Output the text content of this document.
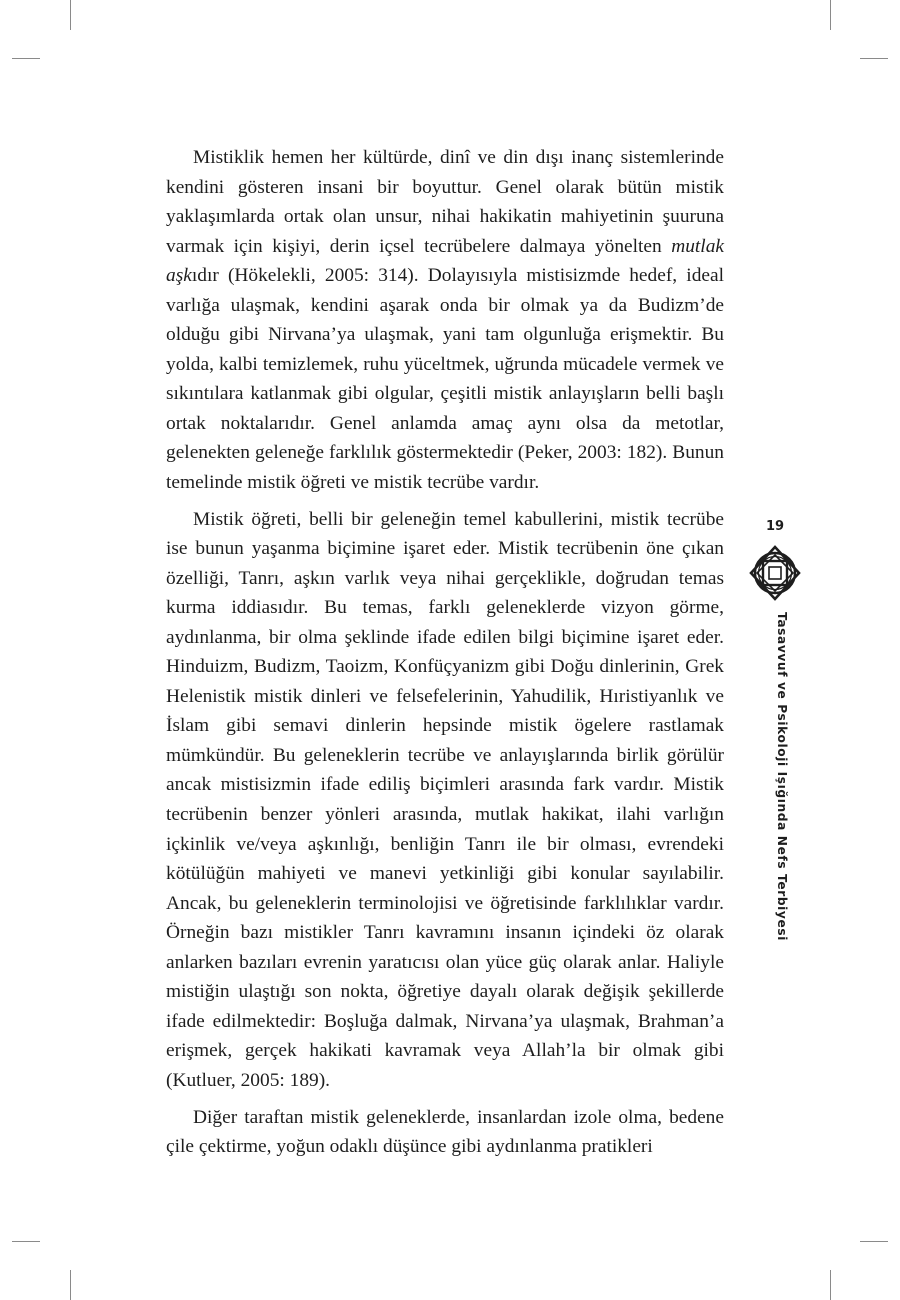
Mistiklik hemen her kültürde, dinî ve din dışı inanç sistemlerinde kendini gösteren insani bir boyuttur. Genel olarak bütün mistik yaklaşımlarda ortak olan unsur, nihai hakikatin mahiyetinin şuuruna varmak için kişiyi, derin içsel tecrübelere dalmaya yönelten mutlak aşkıdır (Hökelekli, 2005: 314). Dolayısıyla mistisizmde hedef, ideal varlığa ulaşmak, kendini aşarak onda bir olmak ya da Budizm’de olduğu gibi Nirvana’ya ulaşmak, yani tam olgunluğa erişmektir. Bu yolda, kalbi temizlemek, ruhu yüceltmek, uğrunda mücadele vermek ve sıkıntılara katlanmak gibi olgular, çeşitli mistik anlayışların belli başlı ortak noktalarıdır. Genel anlamda amaç aynı olsa da metotlar, gelenekten geleneğe farklılık göstermektedir (Peker, 2003: 182). Bunun temelinde mistik öğreti ve mistik tecrübe vardır.

Mistik öğreti, belli bir geleneğin temel kabullerini, mistik tecrübe ise bunun yaşanma biçimine işaret eder. Mistik tecrübenin öne çıkan özelliği, Tanrı, aşkın varlık veya nihai gerçeklikle, doğrudan temas kurma iddiasıdır. Bu temas, farklı geleneklerde vizyon görme, aydınlanma, bir olma şeklinde ifade edilen bilgi biçimine işaret eder. Hinduizm, Budizm, Taoizm, Konfüçyanizm gibi Doğu dinlerinin, Grek Helenistik mistik dinleri ve felsefelerinin, Yahudilik, Hıristiyanlık ve İslam gibi semavi dinlerin hepsinde mistik ögelere rastlamak mümkündür. Bu geleneklerin tecrübe ve anlayışlarında birlik görülür ancak mistisizmin ifade ediliş biçimleri arasında fark vardır. Mistik tecrübenin benzer yönleri arasında, mutlak hakikat, ilahi varlığın içkinlik ve/veya aşkınlığı, benliğin Tanrı ile bir olması, evrendeki kötülüğün mahiyeti ve manevi yetkinliği gibi konular sayılabilir. Ancak, bu geleneklerin terminolojisi ve öğretisinde farklılıklar vardır. Örneğin bazı mistikler Tanrı kavramını insanın içindeki öz olarak anlarken bazıları evrenin yaratıcısı olan yüce güç olarak anlar. Haliyle mistiğin ulaştığı son nokta, öğretiye dayalı olarak değişik şekillerde ifade edilmektedir: Boşluğa dalmak, Nirvana’ya ulaşmak, Brahman’a erişmek, gerçek hakikati kavramak veya Allah’la bir olmak gibi (Kutluer, 2005: 189).

Diğer taraftan mistik geleneklerde, insanlardan izole olma, bedene çile çektirme, yoğun odaklı düşünce gibi aydınlanma pratikleri

19
Tasavvuf ve Psikoloji Işığında Nefs Terbiyesi
